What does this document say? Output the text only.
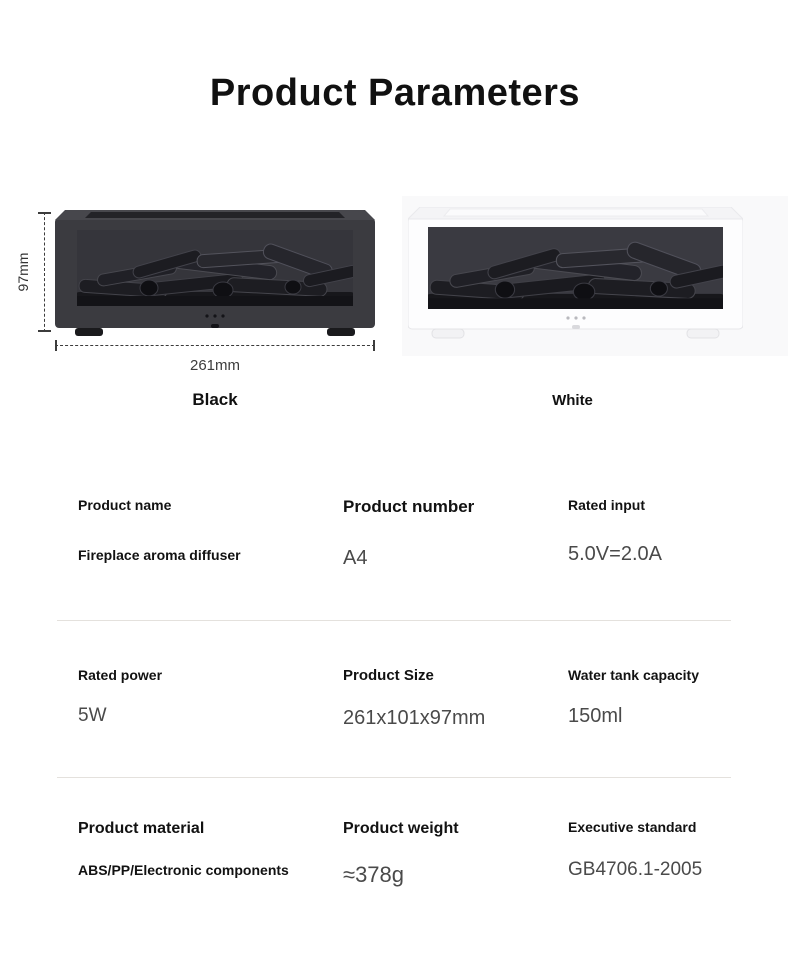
Product Parameters
97mm
261mm
Black	White
Product name
Fireplace aroma diffuser
Product number
A4
Rated input
5.0V=2.0A
Rated power
5W
Product Size
261x101x97mm
Water tank capacity
150ml
Product material
ABS/PP/Electronic components
Product weight
≈378g
Executive standard
GB4706.1-2005
